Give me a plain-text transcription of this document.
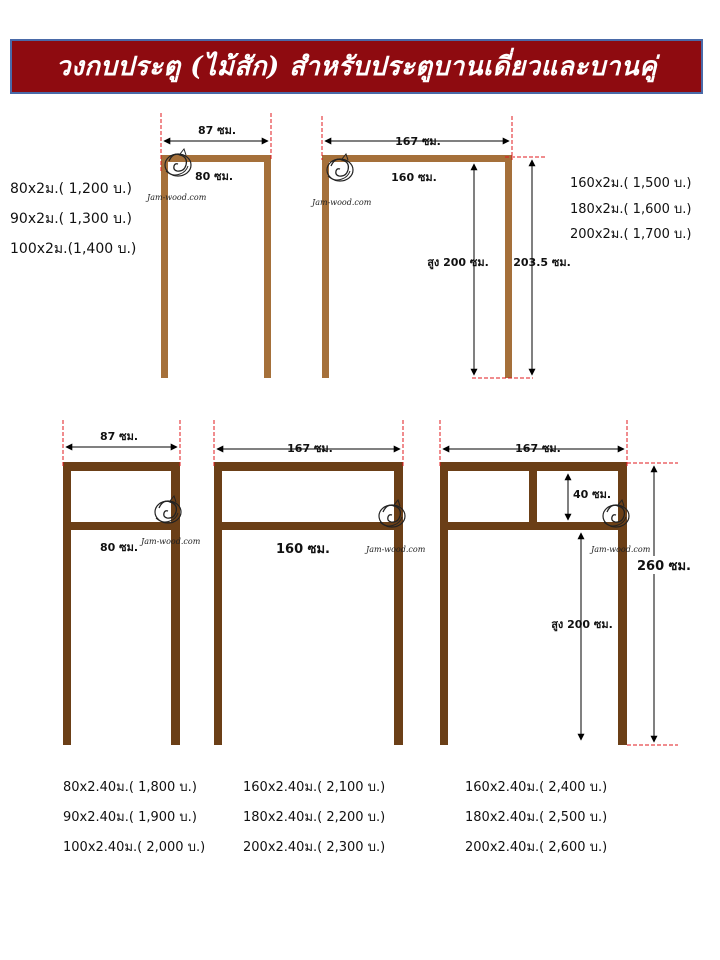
วงกบประตู (ไม้สัก) สำหรับประตูบานเดี่ยวและบานคู่
87 ซม.
80 ซม.
Jam-wood.com
167 ซม.
160 ซม.
สูง 200 ซม. 203.5 ซม.
Jam-wood.com
87 ซม.
80 ซม. Jam-wood.com
167 ซม.
160 ซม.	Jam-wood.com
167 ซม.
40 ซม.
สูง 200 ซม.
260 ซม.
Jam-wood.com
80x2ม.( 1,200 บ.)
90x2ม.( 1,300 บ.)
100x2ม.(1,400 บ.)
160x2ม.( 1,500 บ.)
180x2ม.( 1,600 บ.)
200x2ม.( 1,700 บ.)
80x2.40ม.( 1,800 บ.)
90x2.40ม.( 1,900 บ.)
100x2.40ม.( 2,000 บ.)
160x2.40ม.( 2,100 บ.)
180x2.40ม.( 2,200 บ.)
200x2.40ม.( 2,300 บ.)
160x2.40ม.( 2,400 บ.)
180x2.40ม.( 2,500 บ.)
200x2.40ม.( 2,600 บ.)
